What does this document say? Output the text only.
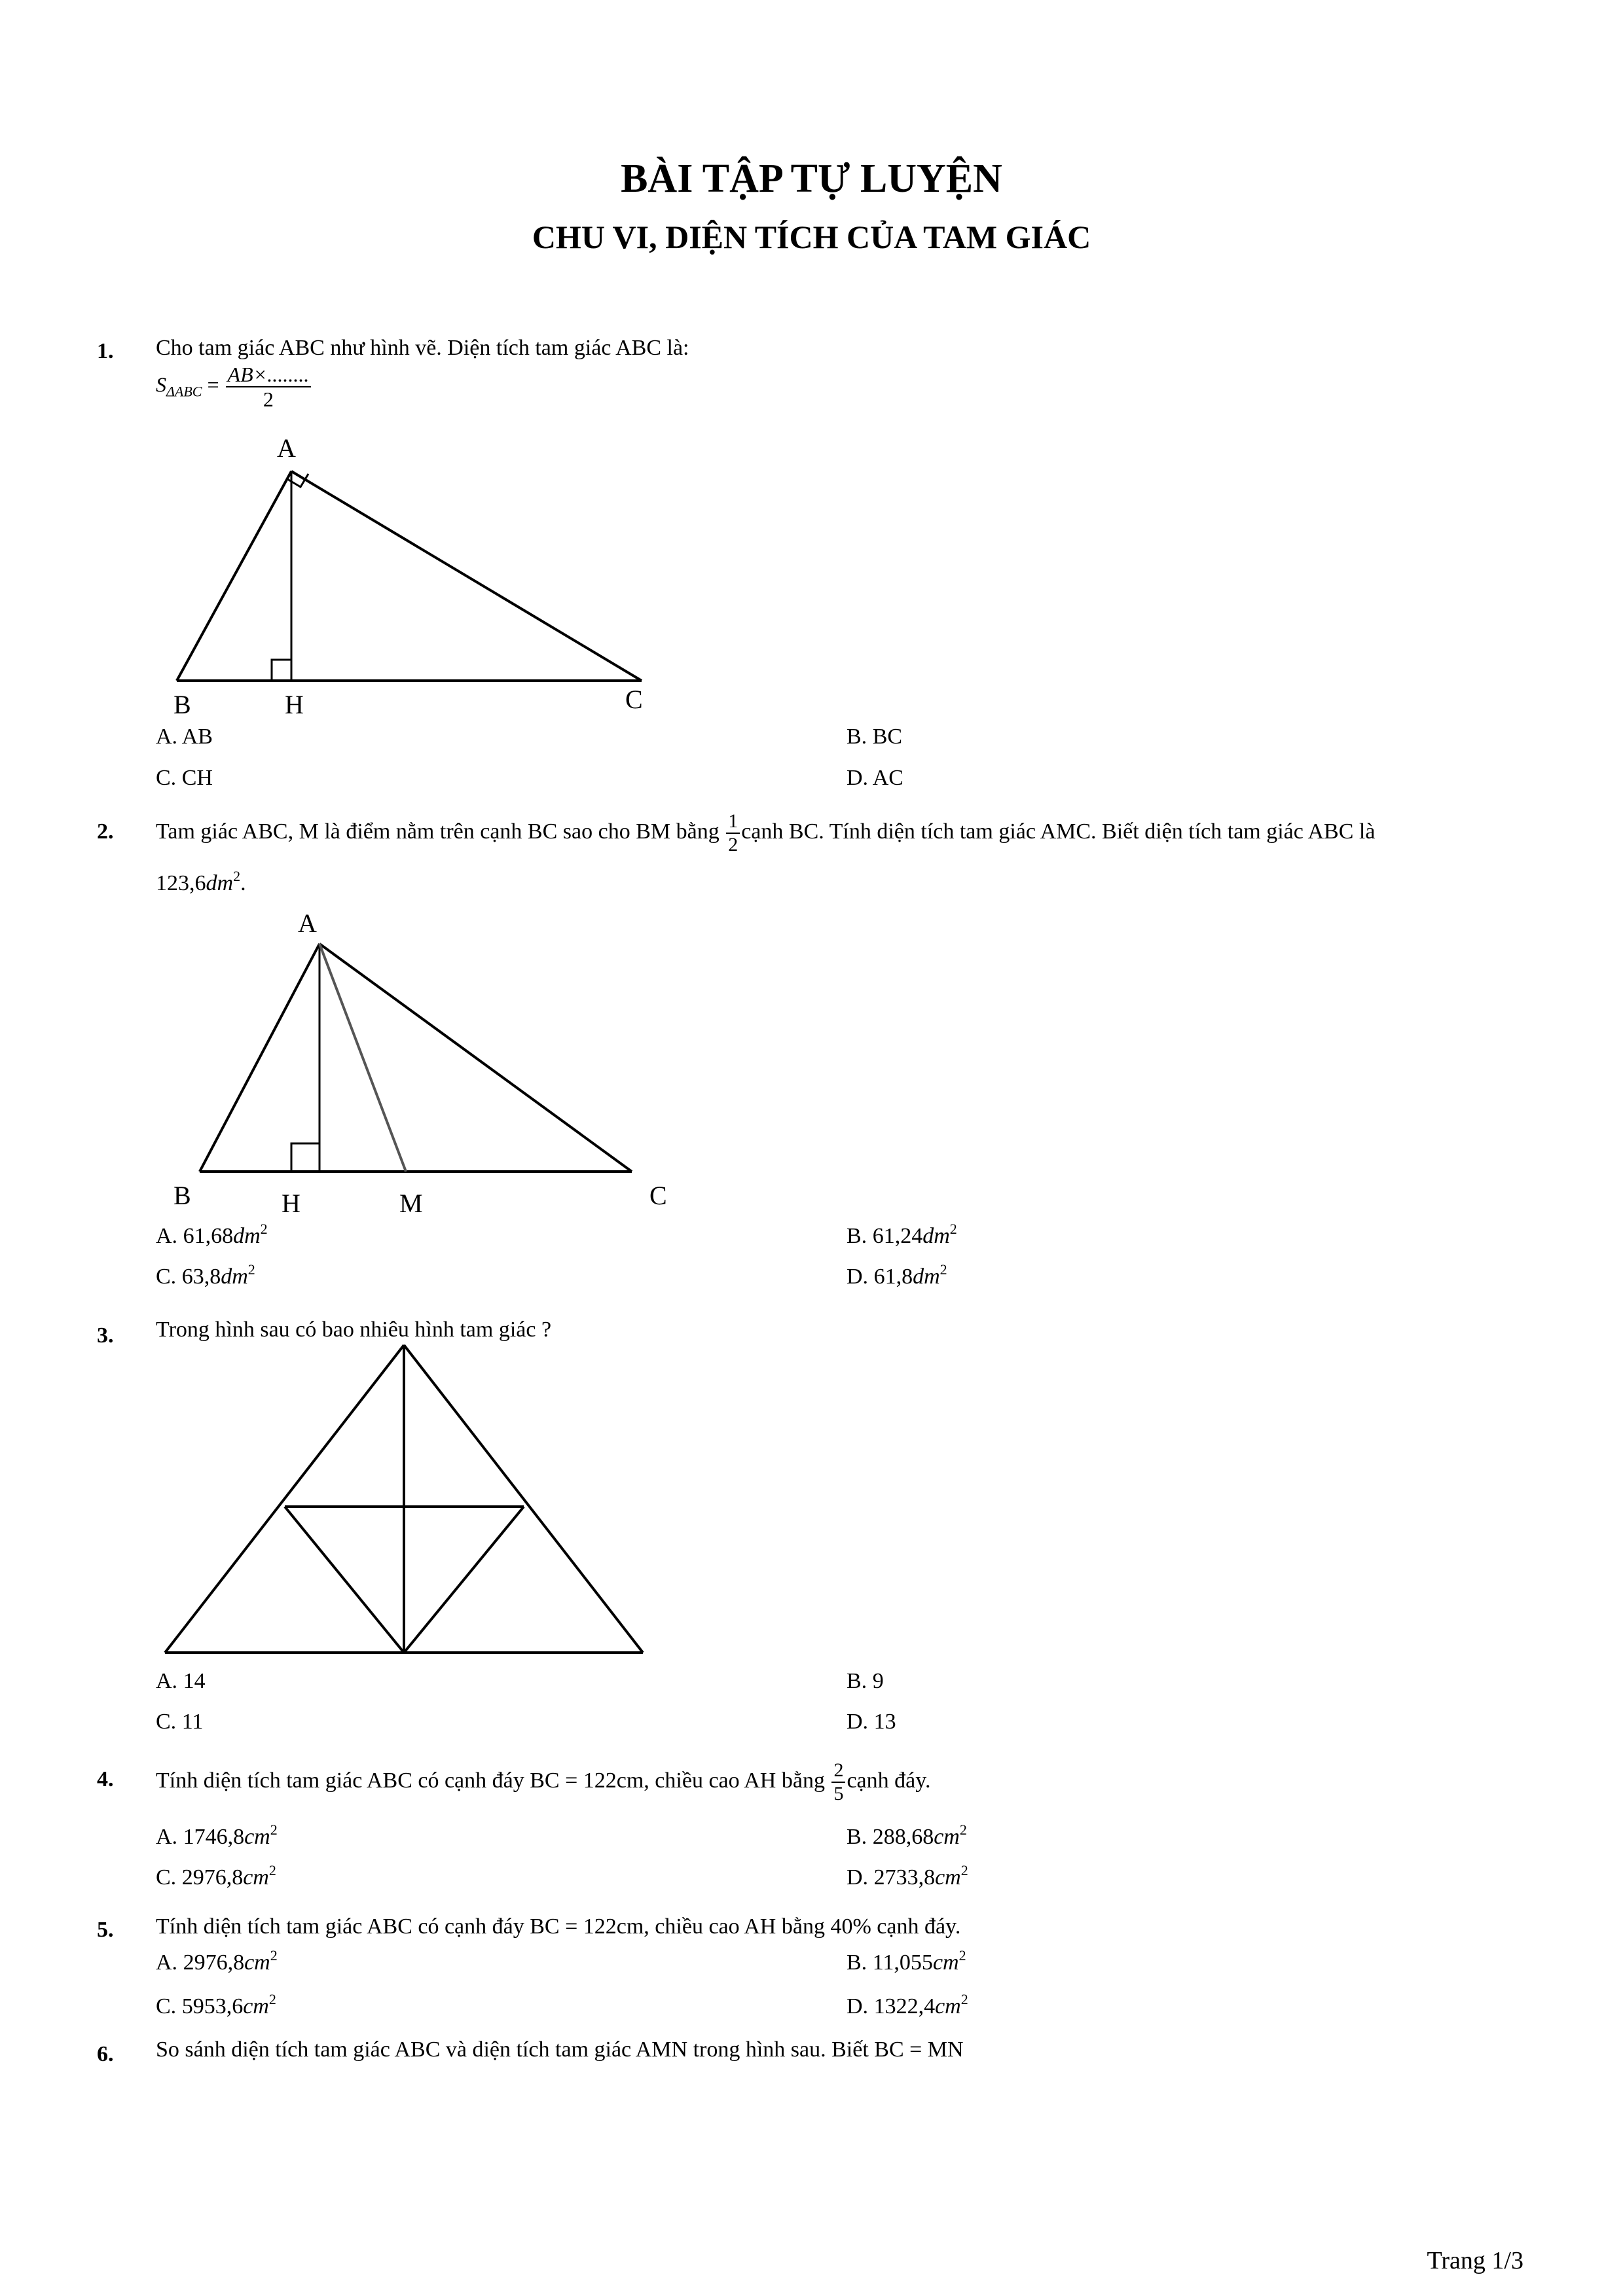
BÀI TẬP TỰ LUYỆN
CHU VI, DIỆN TÍCH CỦA TAM GIÁC
1. Cho tam giác ABC như hình vẽ. Diện tích tam giác ABC là:
$S_{\Delta ABC} = \frac{AB\times........}{2}$
A
B	H	C
A. AB	B. BC
C. CH	D. AC
2. Tam giác ABC, M là điểm nằm trên cạnh BC sao cho BM bằng $\frac{1}{2}$ cạnh BC. Tính diện tích tam giác AMC. Biết diện tích tam giác ABC là
$123,6dm^2$.
A
B	H	M	C
A. $61,68dm^2$	B. $61,24dm^2$
C. $63,8dm^2$	D. $61,8dm^2$
3. Trong hình sau có bao nhiêu hình tam giác ?
A. 14	B. 9
C. 11	D. 13
4. Tính diện tích tam giác ABC có cạnh đáy BC = 122cm, chiều cao AH bằng $\frac{2}{5}$ cạnh đáy.
A. $1746,8cm^2$	B. $288,68cm^2$
C. $2976,8cm^2$	D. $2733,8cm^2$
5. Tính diện tích tam giác ABC có cạnh đáy BC = 122cm, chiều cao AH bằng 40% cạnh đáy.
A. $2976,8cm^2$	B. $11,055cm^2$
C. $5953,6cm^2$	D. $1322,4cm^2$
6. So sánh diện tích tam giác ABC và diện tích tam giác AMN trong hình sau. Biết BC = MN
Trang 1/3
